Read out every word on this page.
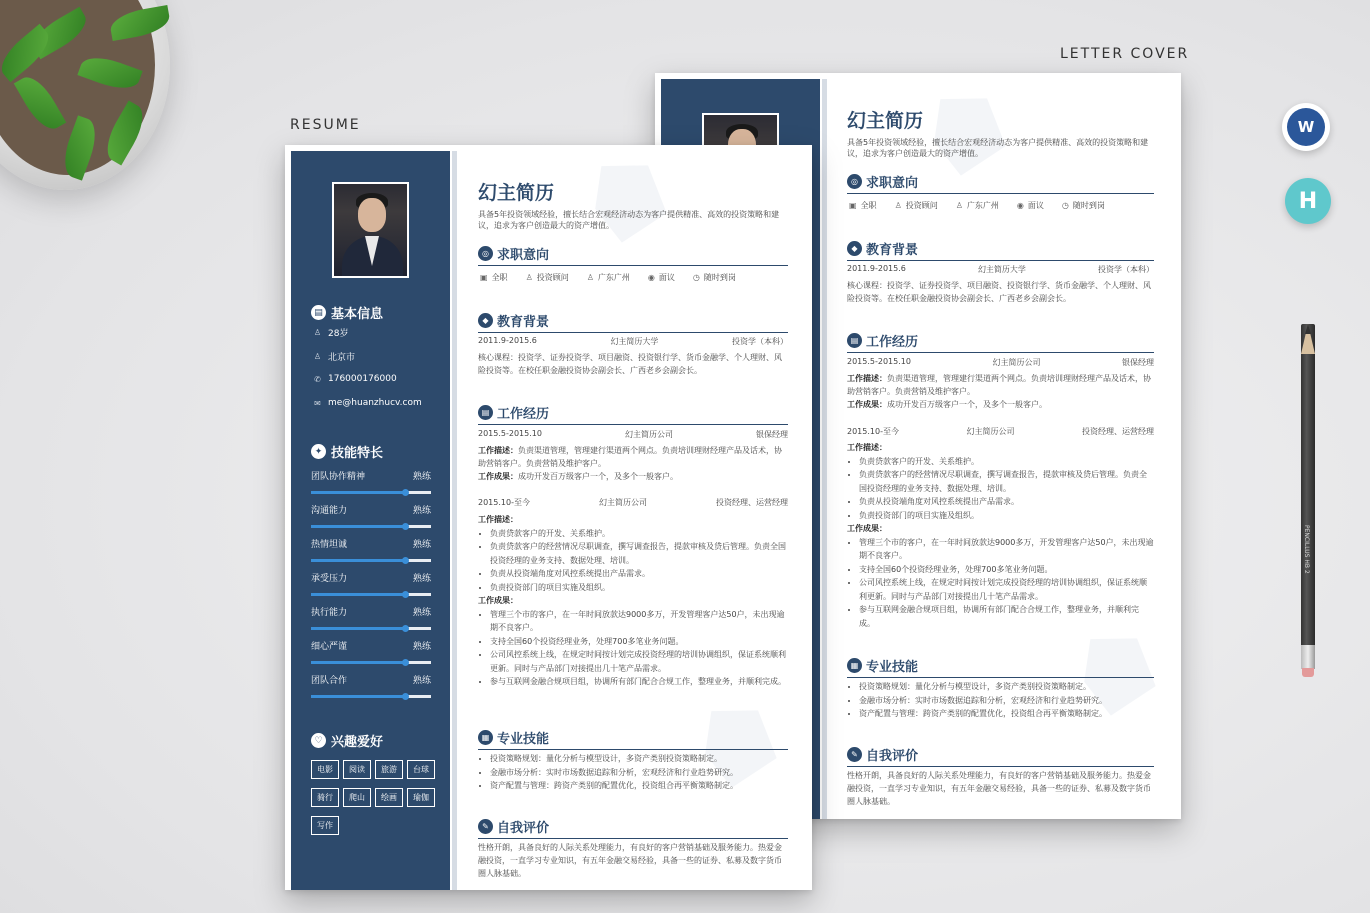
RESUME
LETTER COVER
幻主简历
具备5年投资领域经验，擅长结合宏观经济动态为客户提供精准、高效的投资策略和建议，追求为客户创造最大的资产增值。
◎ 求职意向
▣ 全职 ♙ 投资顾问 ♙ 广东广州 ◉ 面议 ◷ 随时到岗
◆ 教育背景
2011.9-2015.6	幻主简历大学	投资学（本科）
核心课程：投资学、证券投资学、项目融资、投资银行学、货币金融学、个人理财、风险投资等。在校任职金融投资协会副会长、广西老乡会副会长。
▤ 工作经历
2015.5-2015.10	幻主简历公司	银保经理
工作描述：负责渠道管理，管理建行渠道两个网点。负责培训理财经理产品及话术，协助营销客户。负责营销及维护客户。
工作成果：成功开发百万级客户一个，及多个一般客户。
2015.10-至今	幻主简历公司	投资经理、运营经理
工作描述：
• 负责贷款客户的开发、关系维护。
• 负责贷款客户的经营情况尽职调查，撰写调查报告，提款审核及贷后管理。负责全国投资经理的业务支持、数据处理、培训。
• 负责从投资端角度对风控系统提出产品需求。
• 负责投资部门的项目实施及组织。
工作成果：
• 管理三个市的客户，在一年时间放款达9000多万，开发管理客户达50户，未出现逾期不良客户。
• 支持全国60个投资经理业务，处理700多笔业务问题。
• 公司风控系统上线，在规定时间按计划完成投资经理的培训协调组织，保证系统顺利更新。同时与产品部门对接提出几十笔产品需求。
• 参与互联网金融合规项目组，协调所有部门配合合规工作，整理业务，并顺利完成。
▦ 专业技能
• 投资策略规划：量化分析与模型设计，多资产类别投资策略制定。
• 金融市场分析：实时市场数据追踪和分析，宏观经济和行业趋势研究。
• 资产配置与管理：跨资产类别的配置优化，投资组合再平衡策略制定。
✎ 自我评价
性格开朗，具备良好的人际关系处理能力，有良好的客户营销基础及服务能力。热爱金融投资，一直学习专业知识，有五年金融交易经验，具备一些的证券、私募及数字货币圈人脉基础。
▤ 基本信息
♙ 28岁
♙ 北京市
✆ 176000176000
✉ me@huanzhucv.com
✦ 技能特长
团队协作精神	熟练
沟通能力	熟练
热情坦诚	熟练
承受压力	熟练
执行能力	熟练
细心严谨	熟练
团队合作	熟练
♡ 兴趣爱好
电影	阅读	旅游	台球
骑行	爬山	绘画	瑜伽
写作
幻主简历
具备5年投资领域经验，擅长结合宏观经济动态为客户提供精准、高效的投资策略和建议，追求为客户创造最大的资产增值。
◎ 求职意向
▣ 全职 ♙ 投资顾问 ♙ 广东广州 ◉ 面议 ◷ 随时到岗
◆ 教育背景
2011.9-2015.6	幻主简历大学	投资学（本科）
核心课程：投资学、证券投资学、项目融资、投资银行学、货币金融学、个人理财、风险投资等。在校任职金融投资协会副会长、广西老乡会副会长。
▤ 工作经历
2015.5-2015.10	幻主简历公司	银保经理
工作描述：负责渠道管理，管理建行渠道两个网点。负责培训理财经理产品及话术，协助营销客户。负责营销及维护客户。
工作成果：成功开发百万级客户一个，及多个一般客户。
2015.10-至今	幻主简历公司	投资经理、运营经理
工作描述：
• 负责贷款客户的开发、关系维护。
• 负责贷款客户的经营情况尽职调查，撰写调查报告，提款审核及贷后管理。负责全国投资经理的业务支持、数据处理、培训。
• 负责从投资端角度对风控系统提出产品需求。
• 负责投资部门的项目实施及组织。
工作成果：
• 管理三个市的客户，在一年时间放款达9000多万，开发管理客户达50户，未出现逾期不良客户。
• 支持全国60个投资经理业务，处理700多笔业务问题。
• 公司风控系统上线，在规定时间按计划完成投资经理的培训协调组织，保证系统顺利更新。同时与产品部门对接提出几十笔产品需求。
• 参与互联网金融合规项目组，协调所有部门配合合规工作，整理业务，并顺利完成。
▦ 专业技能
• 投资策略规划：量化分析与模型设计，多资产类别投资策略制定。
• 金融市场分析：实时市场数据追踪和分析，宏观经济和行业趋势研究。
• 资产配置与管理：跨资产类别的配置优化，投资组合再平衡策略制定。
✎ 自我评价
性格开朗，具备良好的人际关系处理能力，有良好的客户营销基础及服务能力。热爱金融投资，一直学习专业知识，有五年金融交易经验，具备一些的证券、私募及数字货币圈人脉基础。
W
H
PENCILLUS HB 2
